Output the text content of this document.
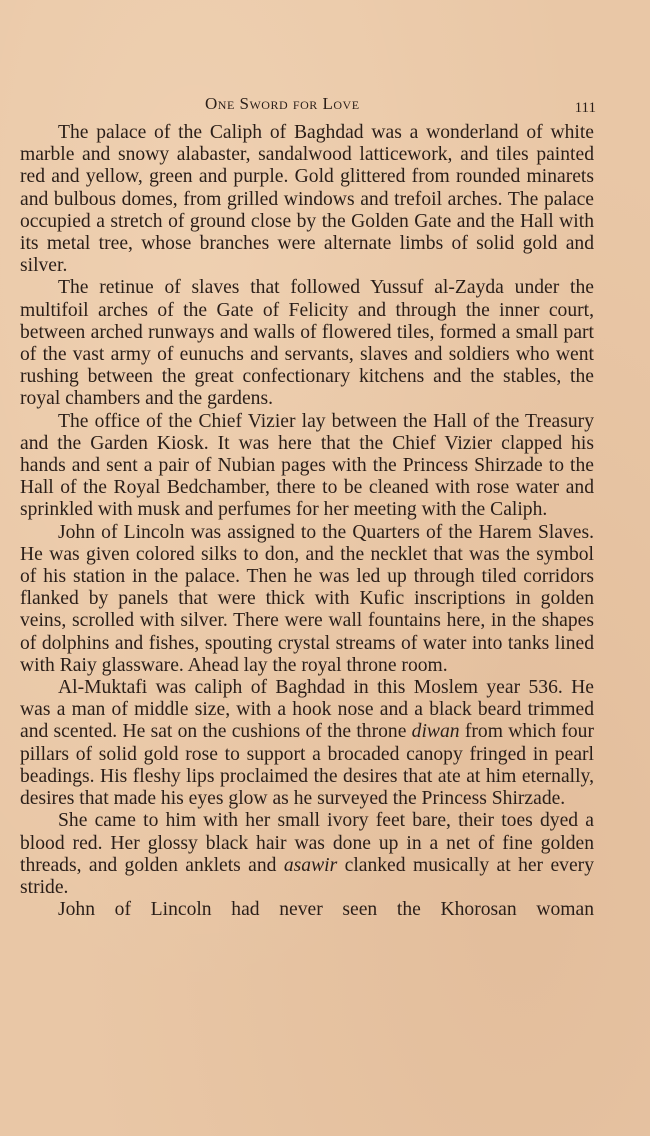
One Sword for Love	111

The palace of the Caliph of Baghdad was a wonderland of white marble and snowy alabaster, sandalwood latticework, and tiles painted red and yellow, green and purple. Gold glittered from rounded minarets and bulbous domes, from grilled windows and trefoil arches. The palace occupied a stretch of ground close by the Golden Gate and the Hall with its metal tree, whose branches were alternate limbs of solid gold and silver.

The retinue of slaves that followed Yussuf al-Zayda under the multifoil arches of the Gate of Felicity and through the inner court, between arched runways and walls of flowered tiles, formed a small part of the vast army of eunuchs and servants, slaves and soldiers who went rushing between the great confectionary kitchens and the stables, the royal chambers and the gardens.

The office of the Chief Vizier lay between the Hall of the Treasury and the Garden Kiosk. It was here that the Chief Vizier clapped his hands and sent a pair of Nubian pages with the Princess Shirzade to the Hall of the Royal Bedchamber, there to be cleaned with rose water and sprinkled with musk and perfumes for her meeting with the Caliph.

John of Lincoln was assigned to the Quarters of the Harem Slaves. He was given colored silks to don, and the necklet that was the symbol of his station in the palace. Then he was led up through tiled corridors flanked by panels that were thick with Kufic inscriptions in golden veins, scrolled with silver. There were wall fountains here, in the shapes of dolphins and fishes, spouting crystal streams of water into tanks lined with Raiy glassware. Ahead lay the royal throne room.

Al-Muktafi was caliph of Baghdad in this Moslem year 536. He was a man of middle size, with a hook nose and a black beard trimmed and scented. He sat on the cushions of the throne diwan from which four pillars of solid gold rose to support a brocaded canopy fringed in pearl beadings. His fleshy lips proclaimed the desires that ate at him eternally, desires that made his eyes glow as he surveyed the Princess Shirzade.

She came to him with her small ivory feet bare, their toes dyed a blood red. Her glossy black hair was done up in a net of fine golden threads, and golden anklets and asawir clanked musically at her every stride.

John of Lincoln had never seen the Khorosan woman
